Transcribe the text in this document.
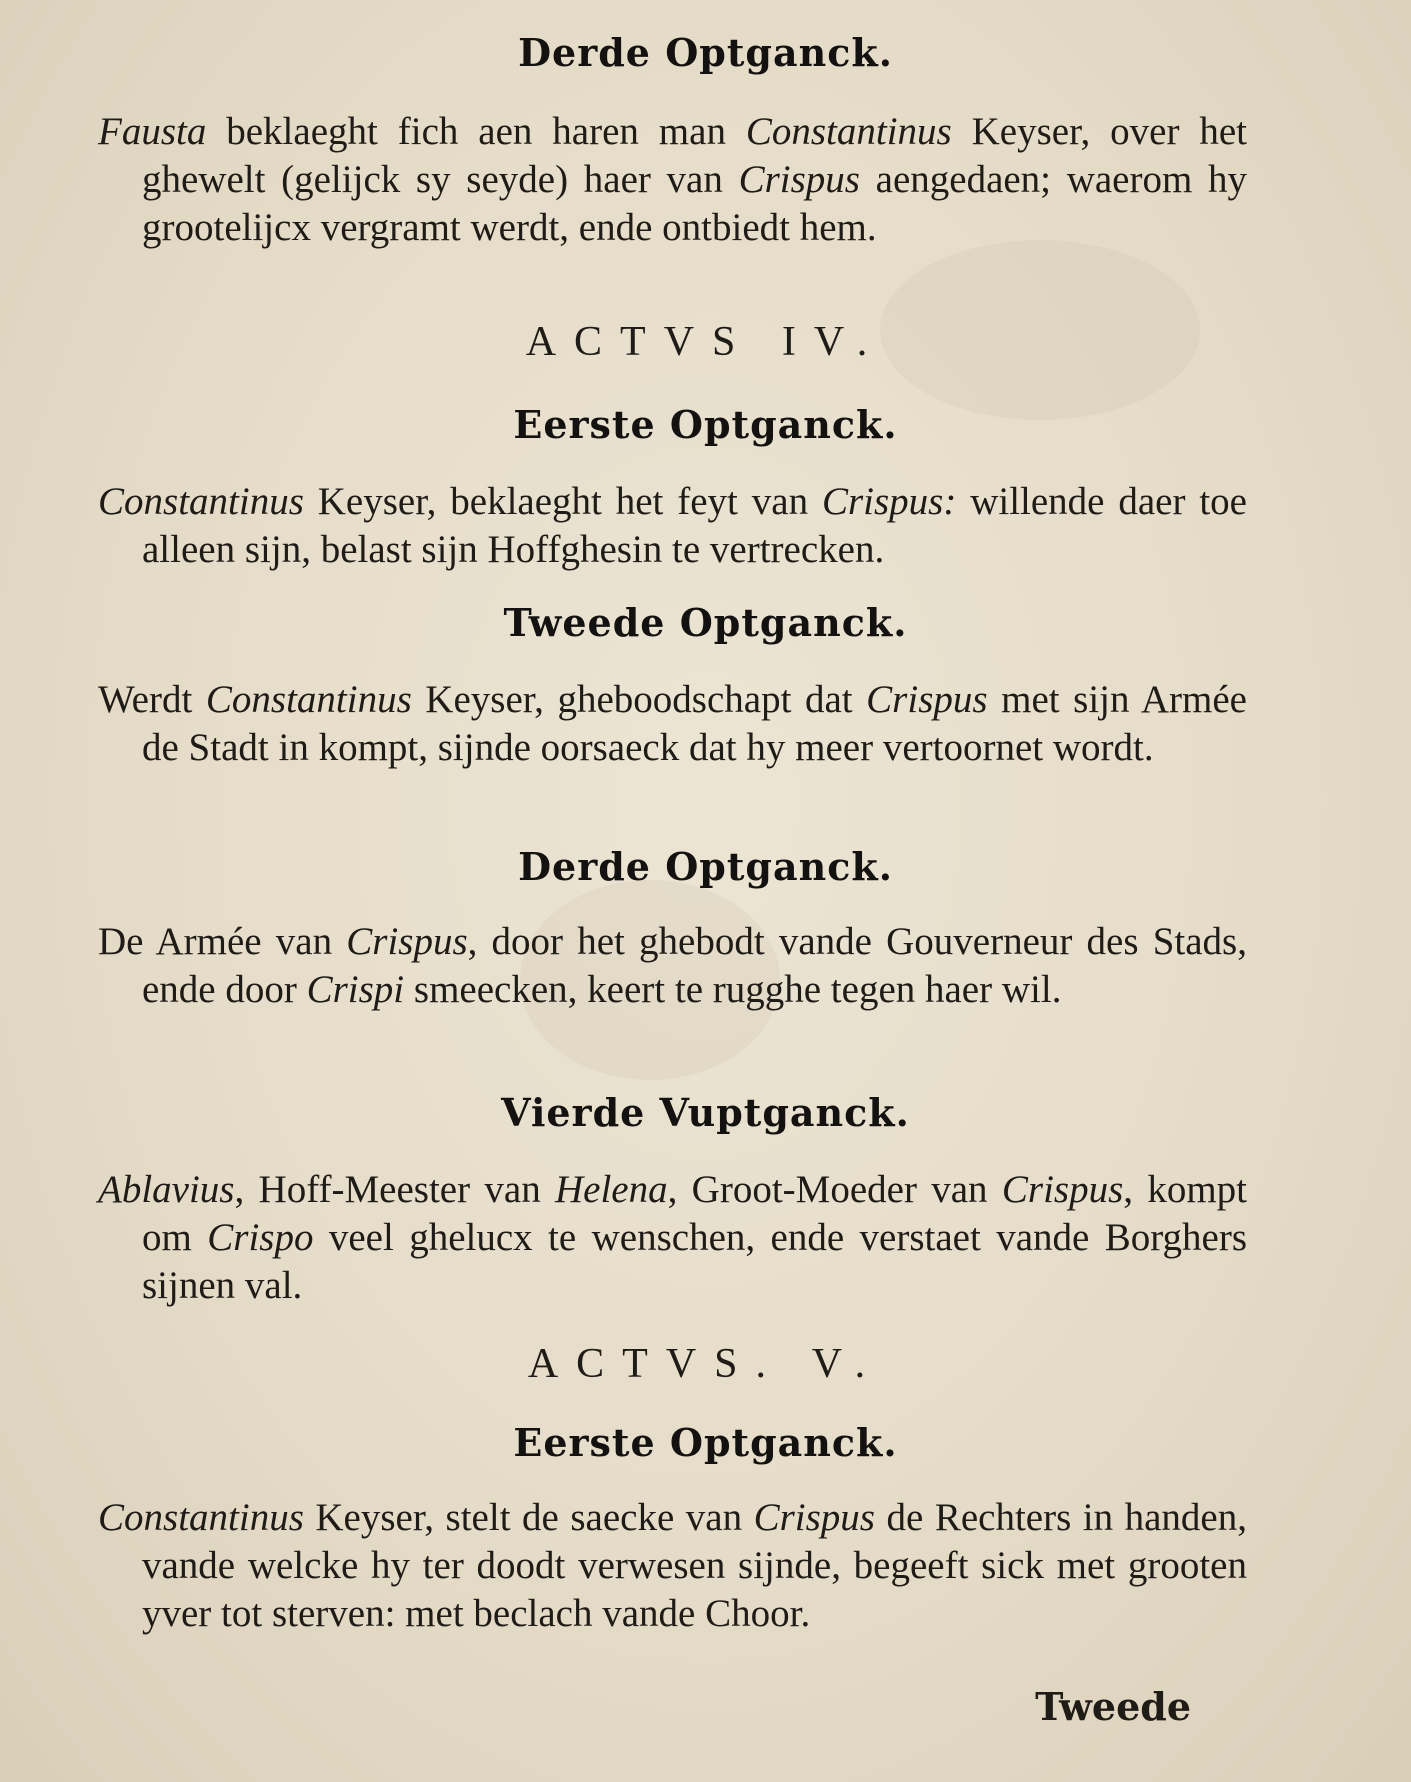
Derde Optganck.
Fausta beklaeght fich aen haren man Constantinus Keyser, over het ghewelt (gelijck sy seyde) haer van Crispus aengedaen; waerom hy grootelijcx vergramt werdt, ende ontbiedt hem.
ACTVS IV.
Eerste Optganck.
Constantinus Keyser, beklaeght het feyt van Crispus: willende daer toe alleen sijn, belast sijn Hoffghesin te vertrecken.
Tweede Optganck.
Werdt Constantinus Keyser, gheboodschapt dat Crispus met sijn Armée de Stadt in kompt, sijnde oorsaeck dat hy meer vertoornet wordt.
Derde Optganck.
De Armée van Crispus, door het ghebodt vande Gouverneur des Stads, ende door Crispi smeecken, keert te rugghe tegen haer wil.
Vierde Vuptganck.
Ablavius, Hoff-Meester van Helena, Groot-Moeder van Crispus, kompt om Crispo veel ghelucx te wenschen, ende verstaet vande Borghers sijnen val.
ACTVS. V.
Eerste Optganck.
Constantinus Keyser, stelt de saecke van Crispus de Rechters in handen, vande welcke hy ter doodt verwesen sijnde, begeeft sick met grooten yver tot sterven: met beclach vande Choor.
Tweede
